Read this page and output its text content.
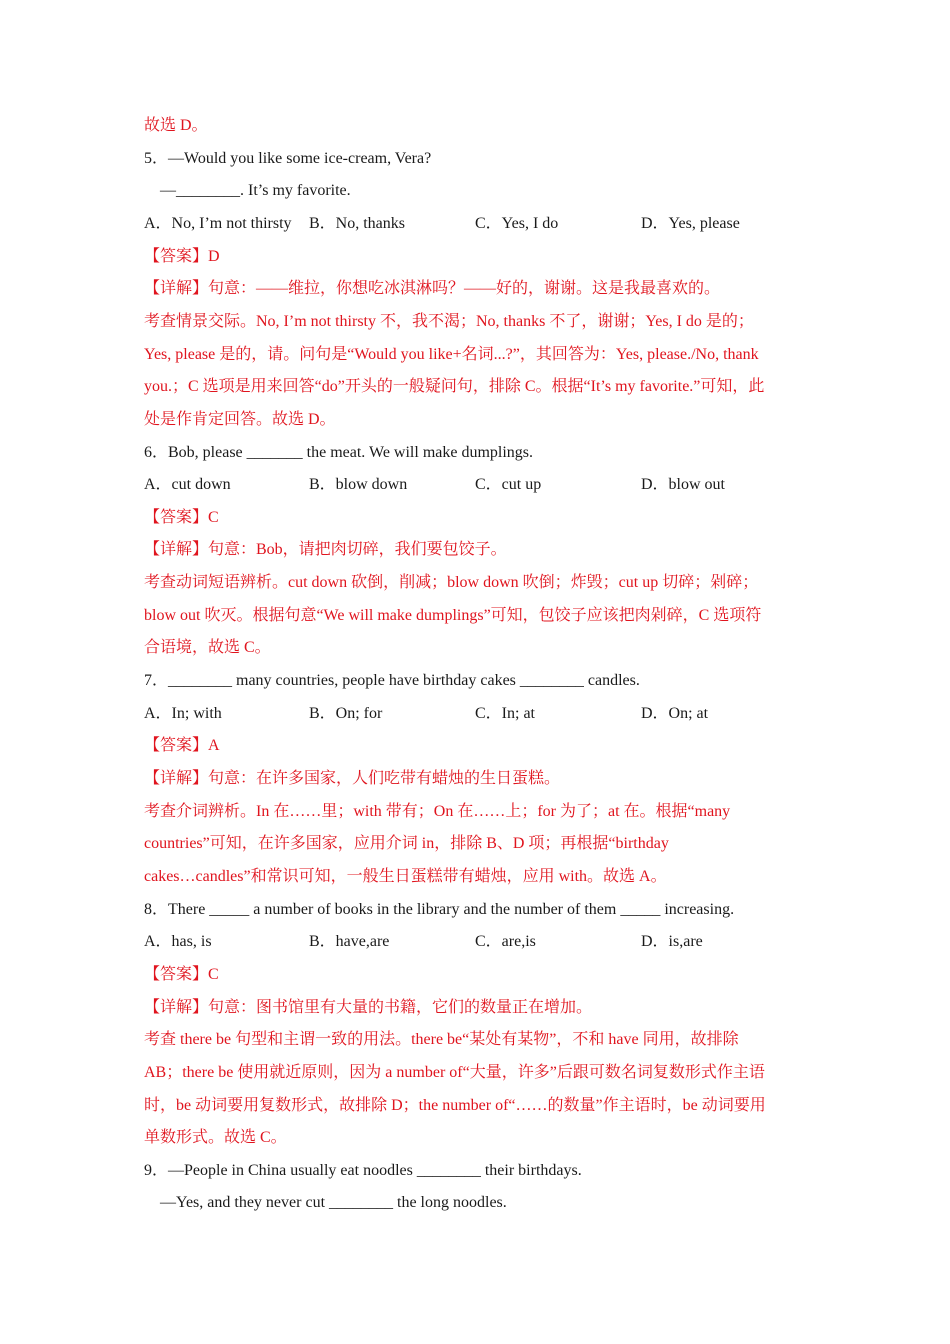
故选 D。
5．—Would you like some ice-cream, Vera?
—________. It’s my favorite.
A．No, I’m not thirsty B．No, thanks	C．Yes, I do	D．Yes, please
【答案】D
【详解】句意：——维拉，你想吃冰淇淋吗？——好的，谢谢。这是我最喜欢的。
考查情景交际。No, I’m not thirsty 不，我不渴；No, thanks 不了，谢谢；Yes, I do 是的；
Yes, please 是的，请。问句是“Would you like+名词...?”，其回答为：Yes, please./No, thank
you.；C 选项是用来回答“do”开头的一般疑问句，排除 C。根据“It’s my favorite.”可知，此
处是作肯定回答。故选 D。
6．Bob, please _______ the meat. We will make dumplings.
A．cut down	B．blow down	C．cut up	D．blow out
【答案】C
【详解】句意：Bob，请把肉切碎，我们要包饺子。
考查动词短语辨析。cut down 砍倒，削减；blow down 吹倒；炸毁；cut up 切碎；剁碎；
blow out 吹灭。根据句意“We will make dumplings”可知，包饺子应该把肉剁碎，C 选项符
合语境，故选 C。
7．________ many countries, people have birthday cakes ________ candles.
A．In; with	B．On; for	C．In; at	D．On; at
【答案】A
【详解】句意：在许多国家，人们吃带有蜡烛的生日蛋糕。
考查介词辨析。In 在……里；with 带有；On 在……上；for 为了；at 在。根据“many
countries”可知，在许多国家，应用介词 in，排除 B、D 项；再根据“birthday
cakes…candles”和常识可知，一般生日蛋糕带有蜡烛，应用 with。故选 A。
8．There _____ a number of books in the library and the number of them _____ increasing.
A．has, is	B．have,are	C．are,is	D．is,are
【答案】C
【详解】句意：图书馆里有大量的书籍，它们的数量正在增加。
考查 there be 句型和主谓一致的用法。there be“某处有某物”，不和 have 同用，故排除
AB；there be 使用就近原则，因为 a number of“大量，许多”后跟可数名词复数形式作主语
时，be 动词要用复数形式，故排除 D；the number of“……的数量”作主语时，be 动词要用
单数形式。故选 C。
9．—People in China usually eat noodles ________ their birthdays.
—Yes, and they never cut ________ the long noodles.
